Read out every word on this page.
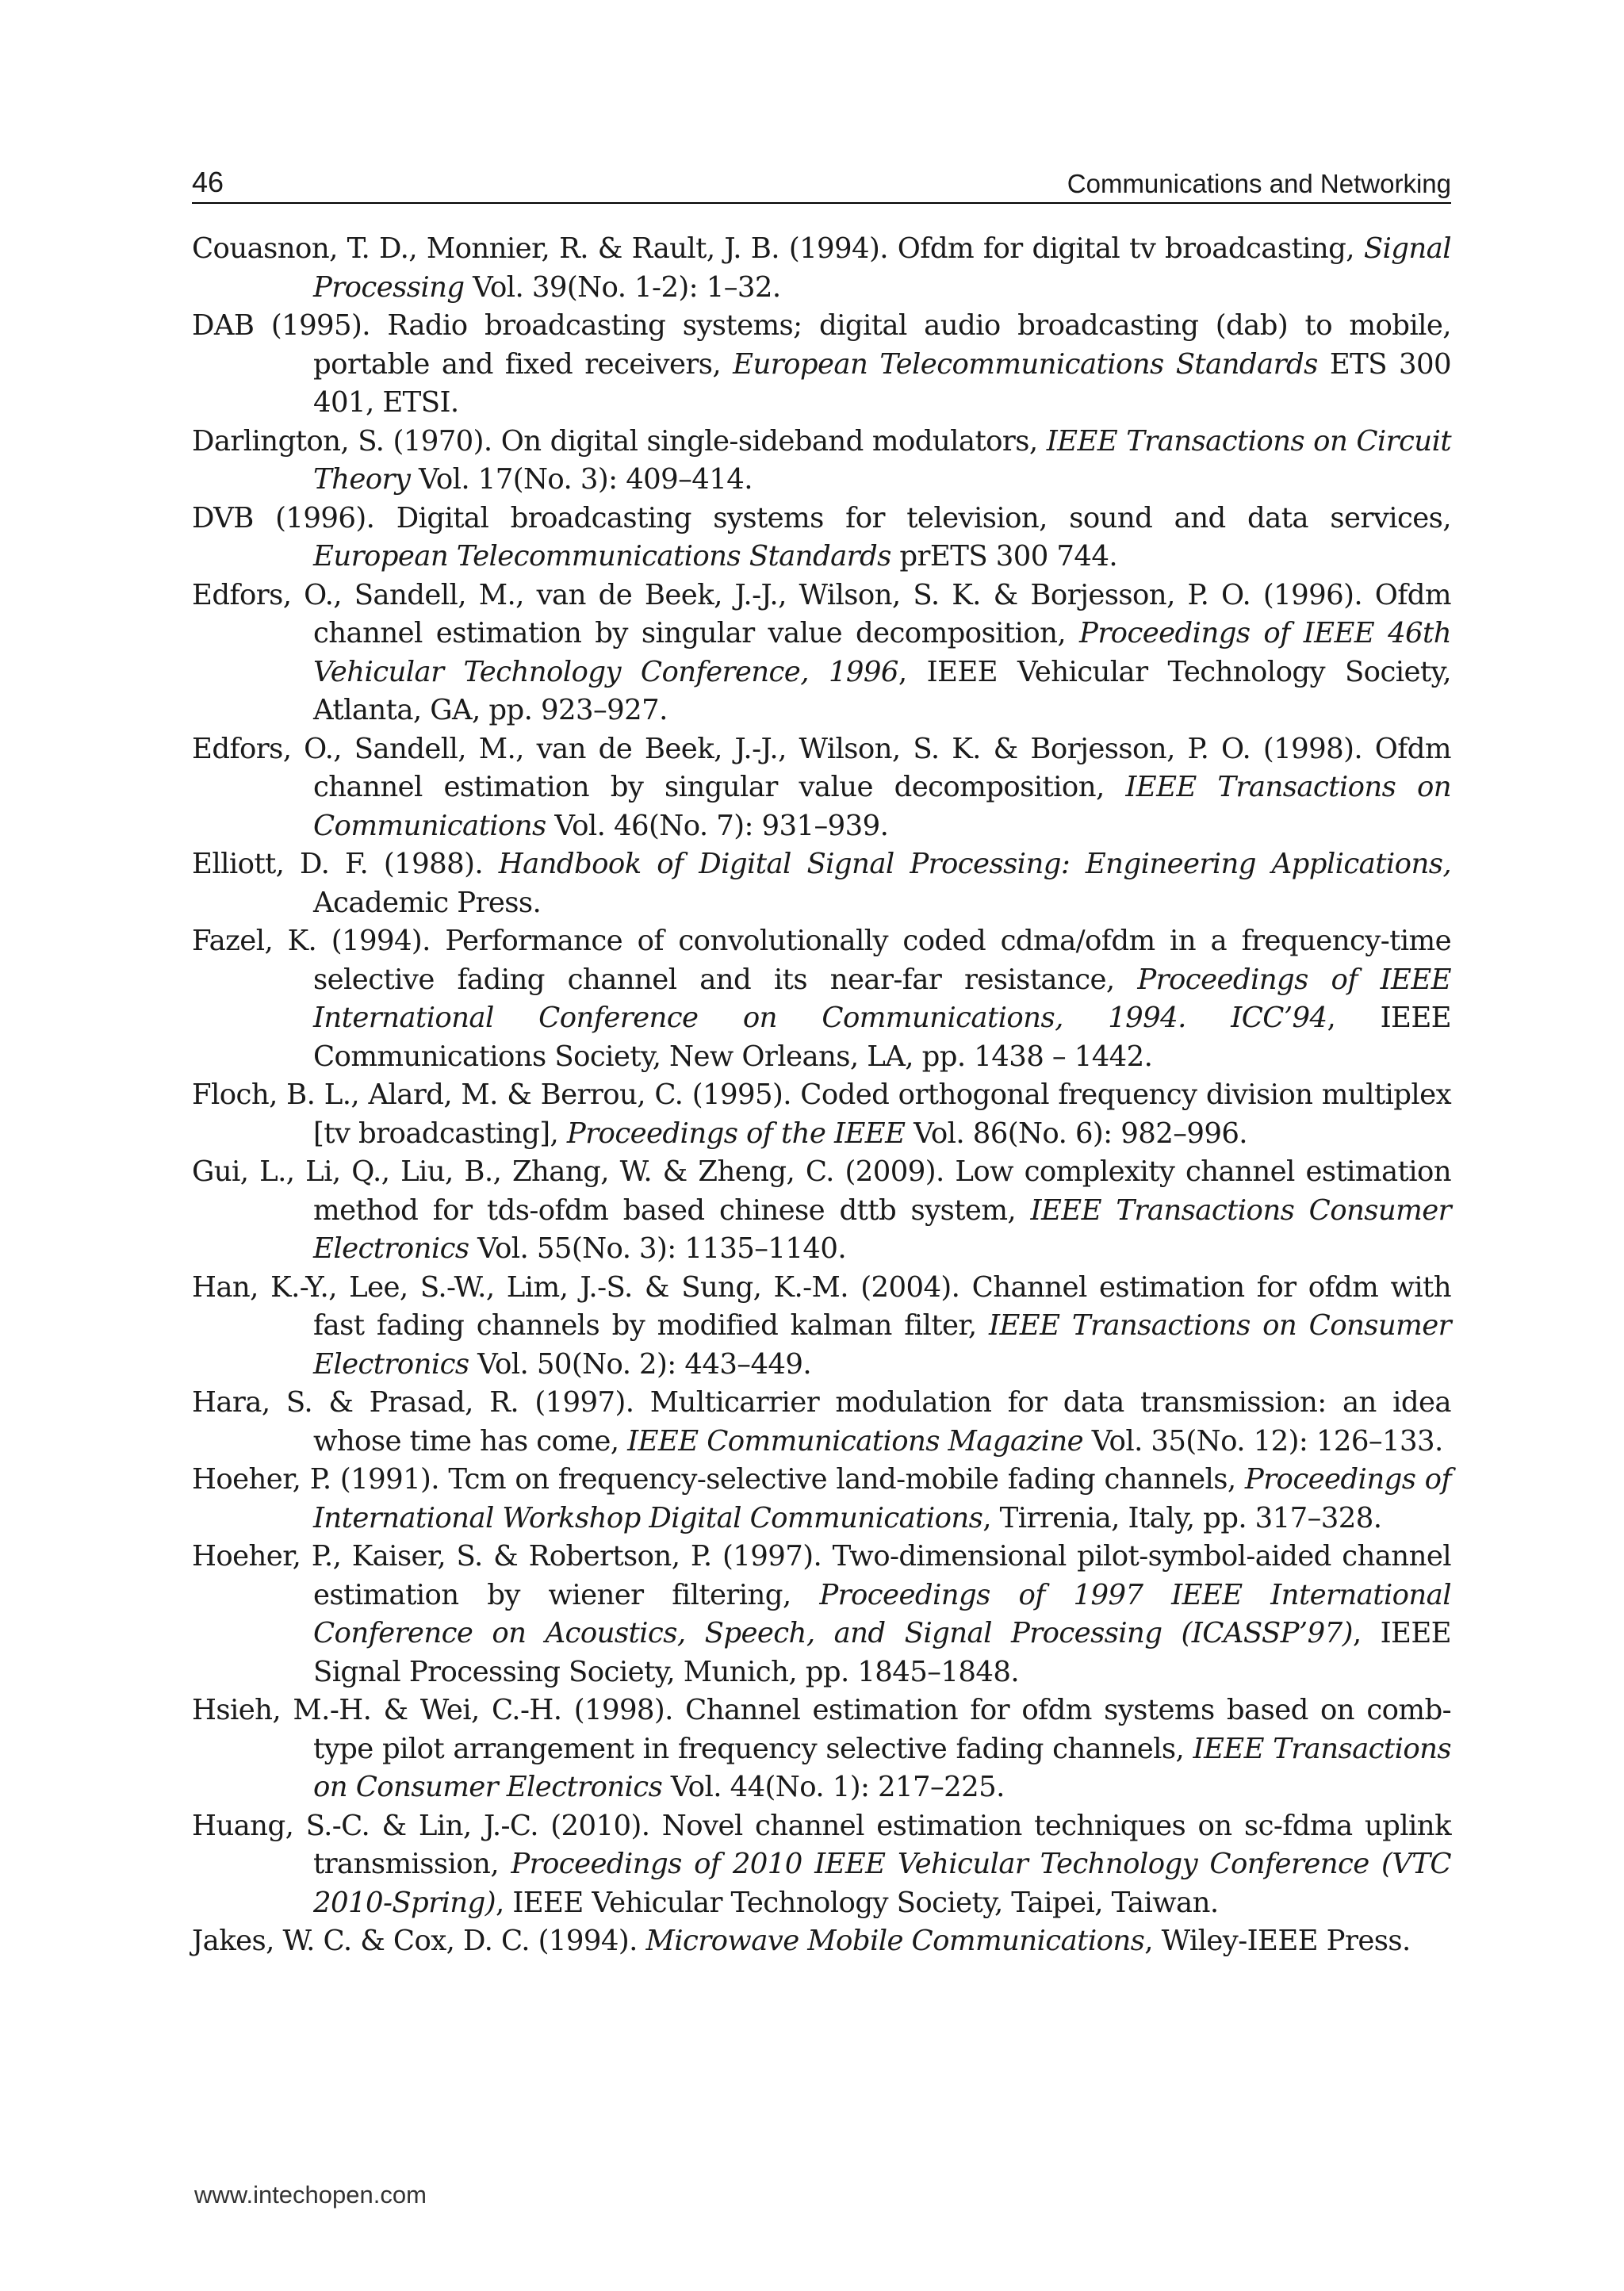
46	Communications and Networking
Couasnon, T. D., Monnier, R. & Rault, J. B. (1994). Ofdm for digital tv broadcasting, Signal Processing Vol. 39(No. 1-2): 1–32.
DAB (1995). Radio broadcasting systems; digital audio broadcasting (dab) to mobile, portable and fixed receivers, European Telecommunications Standards ETS 300 401, ETSI.
Darlington, S. (1970). On digital single-sideband modulators, IEEE Transactions on Circuit Theory Vol. 17(No. 3): 409–414.
DVB (1996). Digital broadcasting systems for television, sound and data services, European Telecommunications Standards prETS 300 744.
Edfors, O., Sandell, M., van de Beek, J.-J., Wilson, S. K. & Borjesson, P. O. (1996). Ofdm channel estimation by singular value decomposition, Proceedings of IEEE 46th Vehicular Technology Conference, 1996, IEEE Vehicular Technology Society, Atlanta, GA, pp. 923–927.
Edfors, O., Sandell, M., van de Beek, J.-J., Wilson, S. K. & Borjesson, P. O. (1998). Ofdm channel estimation by singular value decomposition, IEEE Transactions on Communications Vol. 46(No. 7): 931–939.
Elliott, D. F. (1988). Handbook of Digital Signal Processing: Engineering Applications, Academic Press.
Fazel, K. (1994). Performance of convolutionally coded cdma/ofdm in a frequency-time selective fading channel and its near-far resistance, Proceedings of IEEE International Conference on Communications, 1994. ICC’94, IEEE Communications Society, New Orleans, LA, pp. 1438 – 1442.
Floch, B. L., Alard, M. & Berrou, C. (1995). Coded orthogonal frequency division multiplex [tv broadcasting], Proceedings of the IEEE Vol. 86(No. 6): 982–996.
Gui, L., Li, Q., Liu, B., Zhang, W. & Zheng, C. (2009). Low complexity channel estimation method for tds-ofdm based chinese dttb system, IEEE Transactions Consumer Electronics Vol. 55(No. 3): 1135–1140.
Han, K.-Y., Lee, S.-W., Lim, J.-S. & Sung, K.-M. (2004). Channel estimation for ofdm with fast fading channels by modified kalman filter, IEEE Transactions on Consumer Electronics Vol. 50(No. 2): 443–449.
Hara, S. & Prasad, R. (1997). Multicarrier modulation for data transmission: an idea whose time has come, IEEE Communications Magazine Vol. 35(No. 12): 126–133.
Hoeher, P. (1991). Tcm on frequency-selective land-mobile fading channels, Proceedings of International Workshop Digital Communications, Tirrenia, Italy, pp. 317–328.
Hoeher, P., Kaiser, S. & Robertson, P. (1997). Two-dimensional pilot-symbol-aided channel estimation by wiener filtering, Proceedings of 1997 IEEE International Conference on Acoustics, Speech, and Signal Processing (ICASSP’97), IEEE Signal Processing Society, Munich, pp. 1845–1848.
Hsieh, M.-H. & Wei, C.-H. (1998). Channel estimation for ofdm systems based on comb-type pilot arrangement in frequency selective fading channels, IEEE Transactions on Consumer Electronics Vol. 44(No. 1): 217–225.
Huang, S.-C. & Lin, J.-C. (2010). Novel channel estimation techniques on sc-fdma uplink transmission, Proceedings of 2010 IEEE Vehicular Technology Conference (VTC 2010-Spring), IEEE Vehicular Technology Society, Taipei, Taiwan.
Jakes, W. C. & Cox, D. C. (1994). Microwave Mobile Communications, Wiley-IEEE Press.
www.intechopen.com
